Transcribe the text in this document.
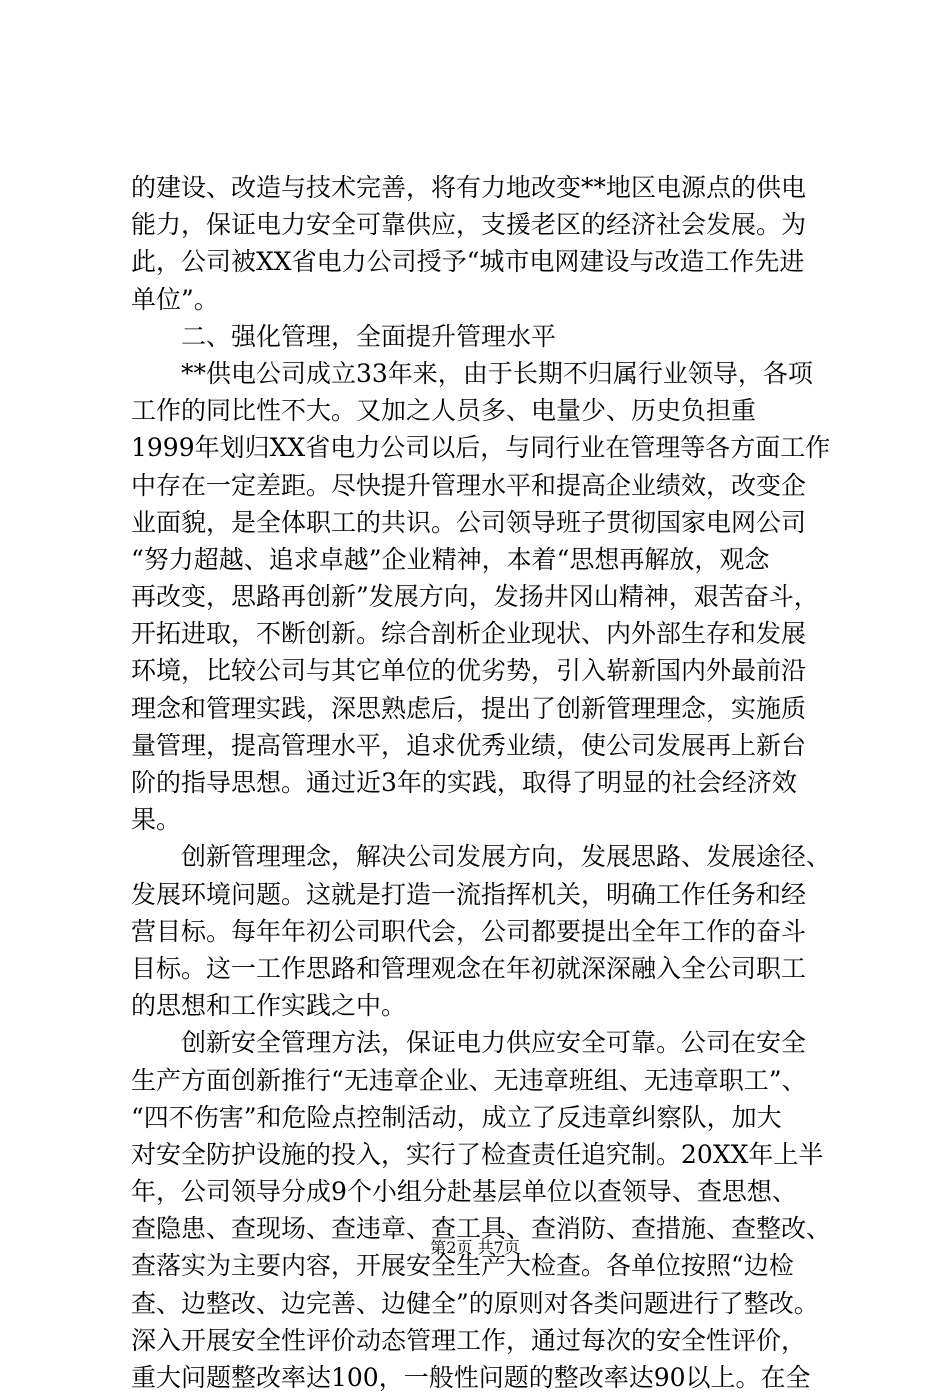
的建设、改造与技术完善，将有力地改变**地区电源点的供电
能力，保证电力安全可靠供应，支援老区的经济社会发展。为
此，公司被XX省电力公司授予“城市电网建设与改造工作先进
单位”。
　　二、强化管理，全面提升管理水平
　　**供电公司成立33年来，由于长期不归属行业领导，各项
工作的同比性不大。又加之人员多、电量少、历史负担重
1999年划归XX省电力公司以后，与同行业在管理等各方面工作
中存在一定差距。尽快提升管理水平和提高企业绩效，改变企
业面貌，是全体职工的共识。公司领导班子贯彻国家电网公司
“努力超越、追求卓越”企业精神，本着“思想再解放，观念
再改变，思路再创新”发展方向，发扬井冈山精神，艰苦奋斗，
开拓进取，不断创新。综合剖析企业现状、内外部生存和发展
环境，比较公司与其它单位的优劣势，引入崭新国内外最前沿
理念和管理实践，深思熟虑后，提出了创新管理理念，实施质
量管理，提高管理水平，追求优秀业绩，使公司发展再上新台
阶的指导思想。通过近3年的实践，取得了明显的社会经济效
果。
　　创新管理理念，解决公司发展方向，发展思路、发展途径、
发展环境问题。这就是打造一流指挥机关，明确工作任务和经
营目标。每年年初公司职代会，公司都要提出全年工作的奋斗
目标。这一工作思路和管理观念在年初就深深融入全公司职工
的思想和工作实践之中。
　　创新安全管理方法，保证电力供应安全可靠。公司在安全
生产方面创新推行“无违章企业、无违章班组、无违章职工”、
“四不伤害”和危险点控制活动，成立了反违章纠察队，加大
对安全防护设施的投入，实行了检查责任追究制。20XX年上半
年，公司领导分成9个小组分赴基层单位以查领导、查思想、
查隐患、查现场、查违章、查工具、查消防、查措施、查整改、
查落实为主要内容，开展安全生产大检查。各单位按照“边检
查、边整改、边完善、边健全”的原则对各类问题进行了整改。
深入开展安全性评价动态管理工作，通过每次的安全性评价，
重大问题整改率达100，一般性问题的整改率达90以上。在全
第2页 共7页
